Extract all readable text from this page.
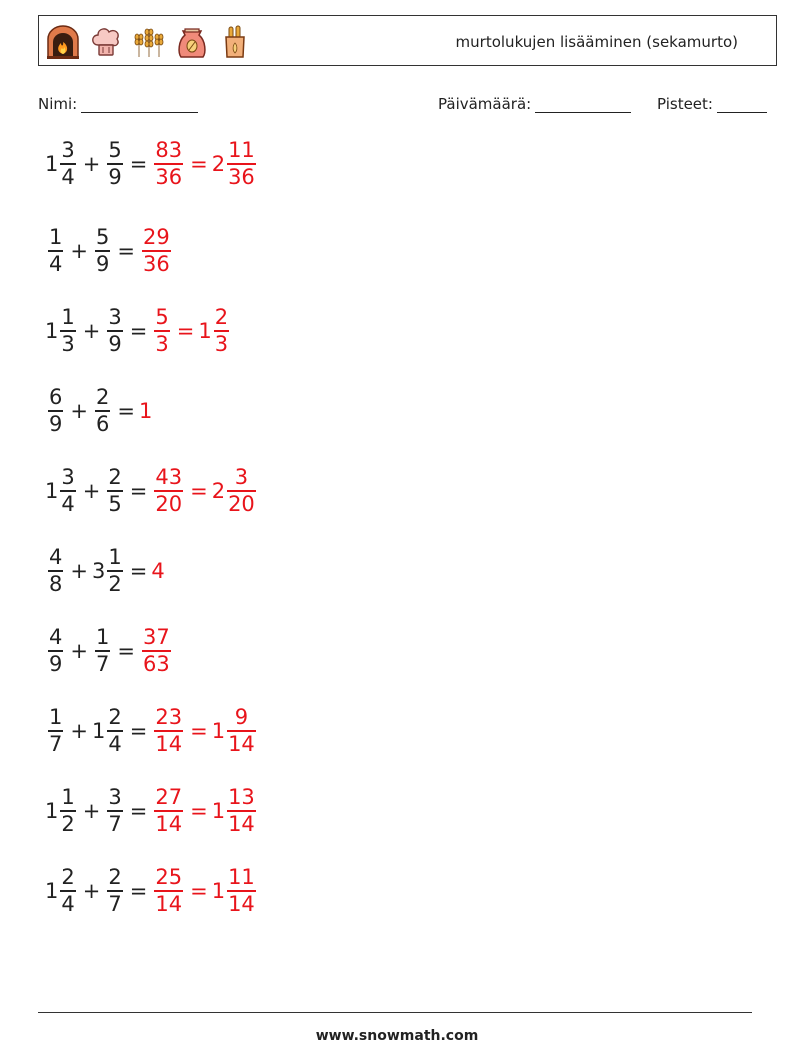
murtolukujen lisääminen (sekamurto)
Nimi:	Päivämäärä:	Pisteet:
$1 \frac{3}{4} + \frac{5}{9} = \frac{83}{36} = 2 \frac{11}{36}$
$\frac{1}{4} + \frac{5}{9} = \frac{29}{36}$
$1 \frac{1}{3} + \frac{3}{9} = \frac{5}{3} = 1 \frac{2}{3}$
$\frac{6}{9} + \frac{2}{6} = 1$
$1 \frac{3}{4} + \frac{2}{5} = \frac{43}{20} = 2 \frac{3}{20}$
$\frac{4}{8} + 3 \frac{1}{2} = 4$
$\frac{4}{9} + \frac{1}{7} = \frac{37}{63}$
$\frac{1}{7} + 1 \frac{2}{4} = \frac{23}{14} = 1 \frac{9}{14}$
$1 \frac{1}{2} + \frac{3}{7} = \frac{27}{14} = 1 \frac{13}{14}$
$1 \frac{2}{4} + \frac{2}{7} = \frac{25}{14} = 1 \frac{11}{14}$
www.snowmath.com
